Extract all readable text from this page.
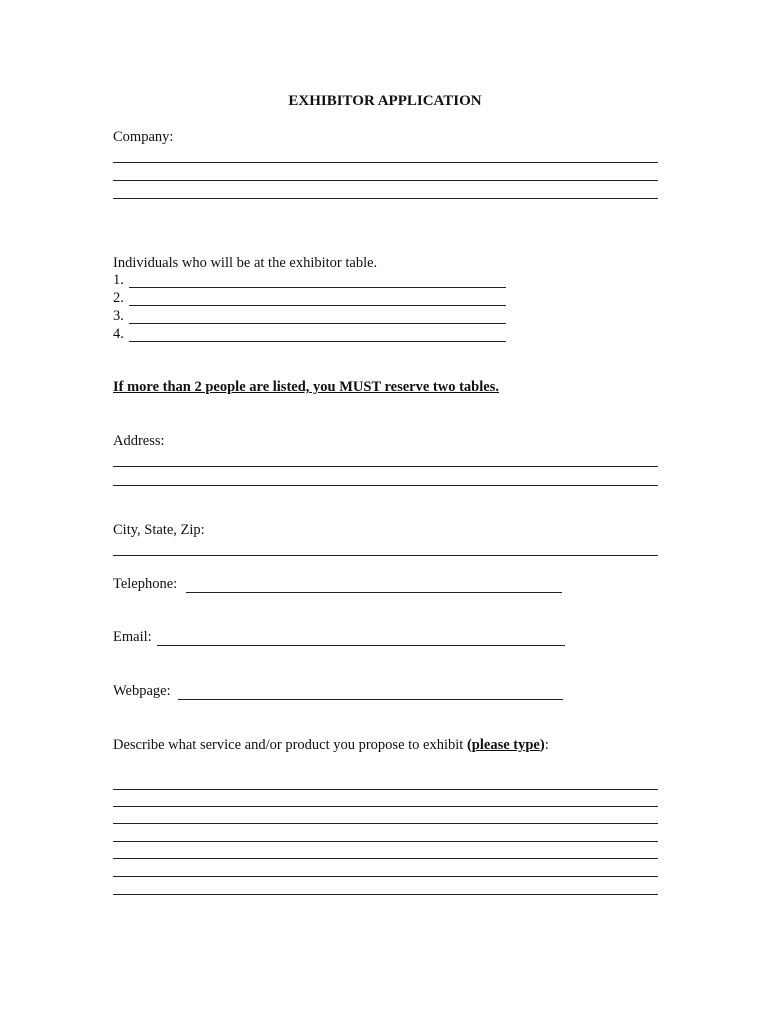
EXHIBITOR APPLICATION
Company:
Individuals who will be at the exhibitor table.
1.
2.
3.
4.
If more than 2 people are listed, you MUST reserve two tables.
Address:
City, State, Zip:
Telephone:
Email:
Webpage:
Describe what service and/or product you propose to exhibit (please type):
